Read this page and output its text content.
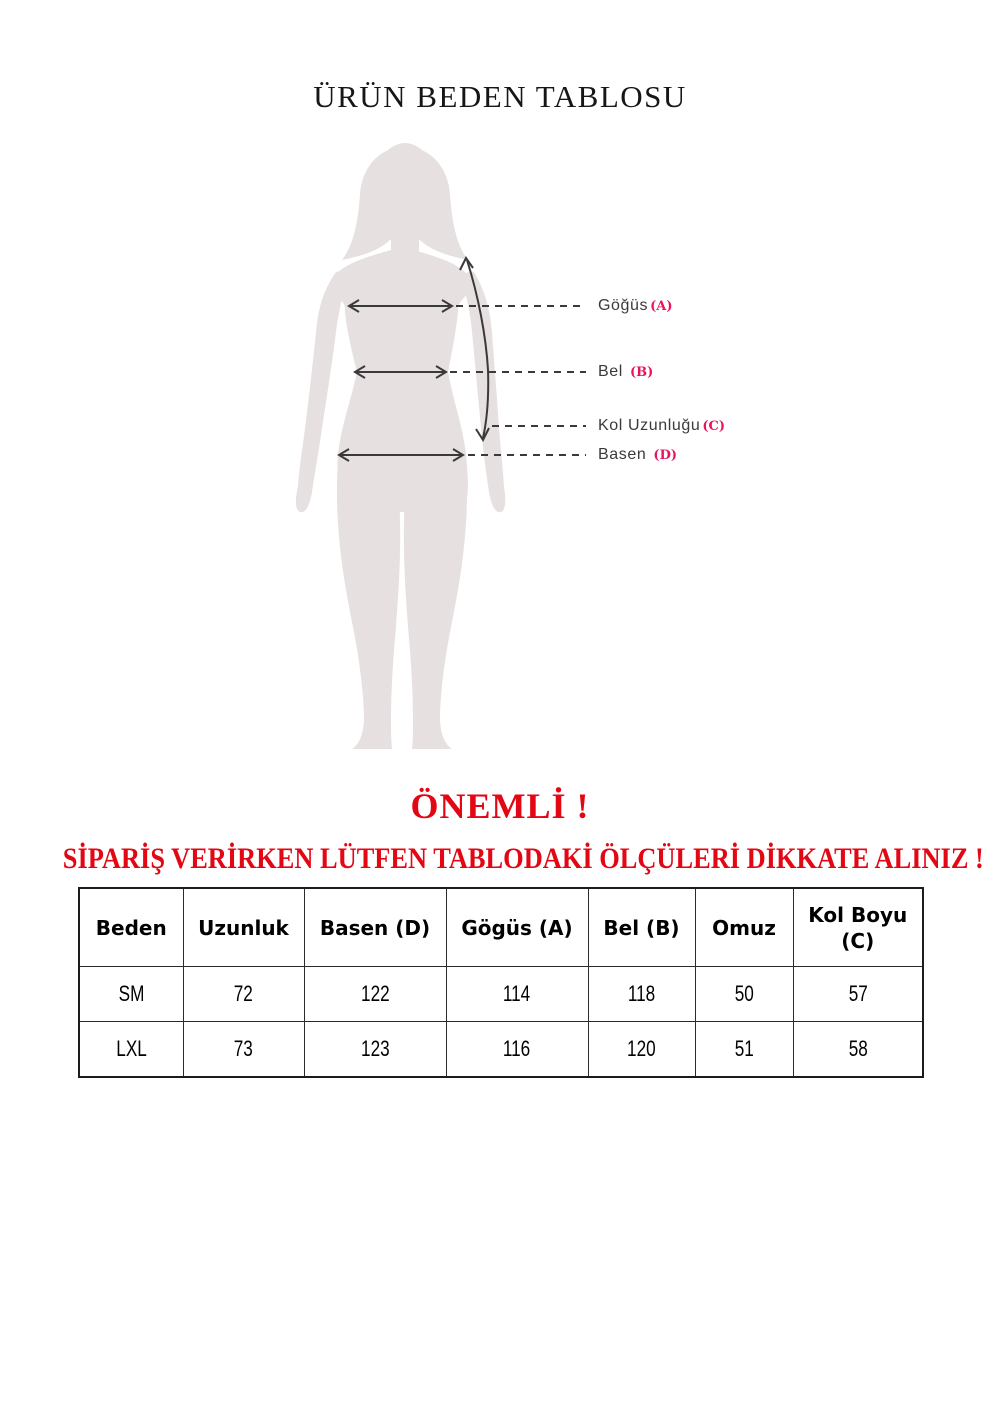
ÜRÜN BEDEN TABLOSU
Göğüs (A)
Bel (B)
Kol Uzunluğu (C)
Basen (D)
ÖNEMLİ !
SİPARİŞ VERİRKEN LÜTFEN TABLODAKİ ÖLÇÜLERİ DİKKATE ALINIZ !
Beden	Uzunluk	Basen (D)	Gögüs (A)	Bel (B)	Omuz	Kol Boyu (C)
SM	72	122	114	118	50	57
LXL	73	123	116	120	51	58
